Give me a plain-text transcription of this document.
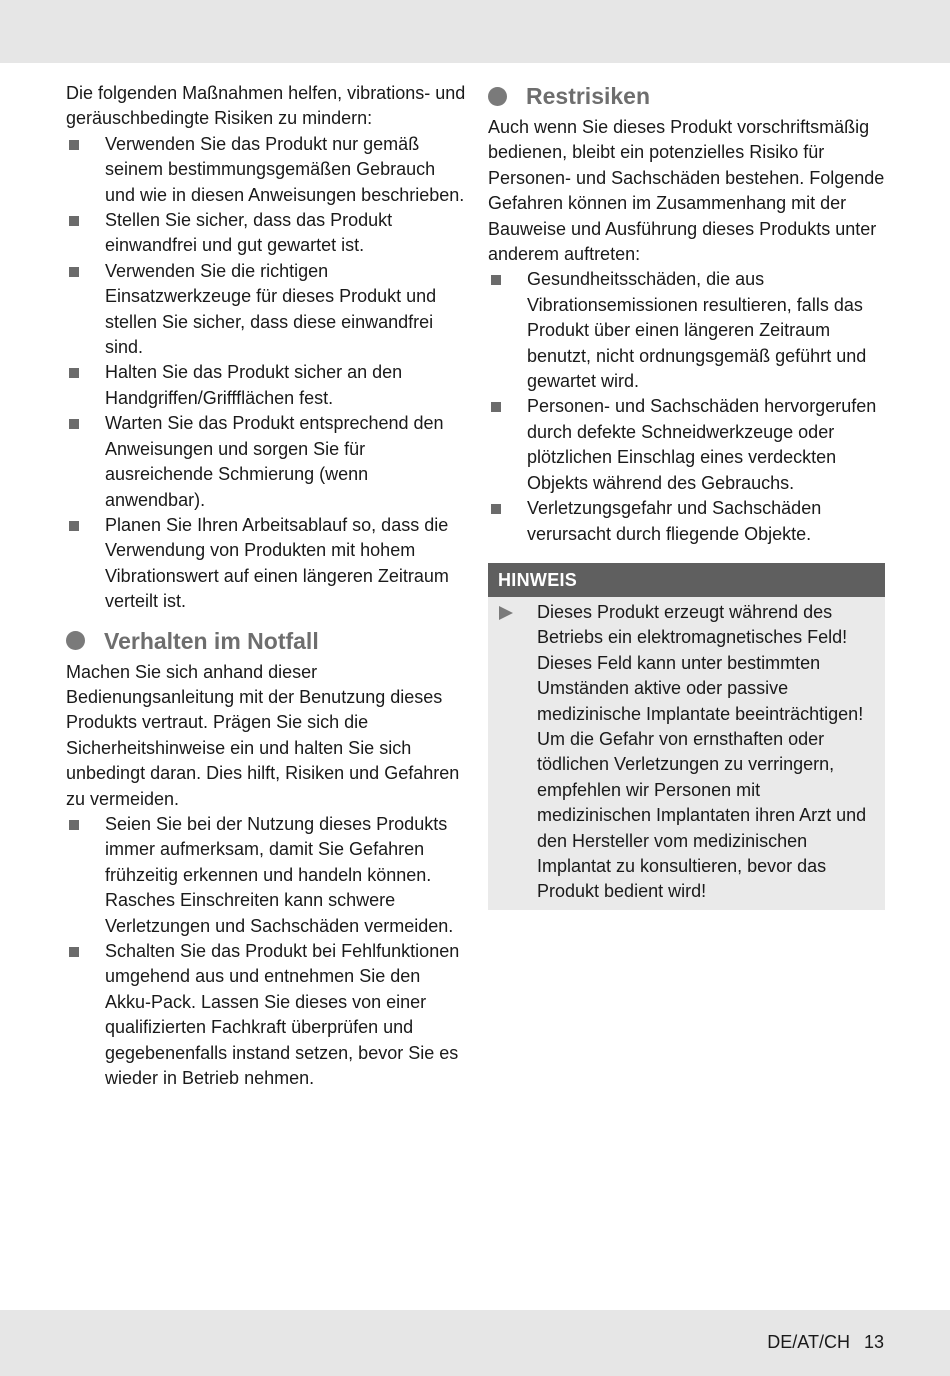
Die folgenden Maßnahmen helfen, vibrations- und geräuschbedingte Risiken zu mindern:

Verwenden Sie das Produkt nur gemäß seinem bestimmungsgemäßen Gebrauch und wie in diesen Anweisungen beschrieben.
Stellen Sie sicher, dass das Produkt einwandfrei und gut gewartet ist.
Verwenden Sie die richtigen Einsatzwerkzeuge für dieses Produkt und stellen Sie sicher, dass diese einwandfrei sind.
Halten Sie das Produkt sicher an den Handgriffen/Griffflächen fest.
Warten Sie das Produkt entsprechend den Anweisungen und sorgen Sie für ausreichende Schmierung (wenn anwendbar).
Planen Sie Ihren Arbeitsablauf so, dass die Verwendung von Produkten mit hohem Vibrationswert auf einen längeren Zeitraum verteilt ist.
Verhalten im Notfall

Machen Sie sich anhand dieser Bedienungsanleitung mit der Benutzung dieses Produkts vertraut. Prägen Sie sich die Sicherheitshinweise ein und halten Sie sich unbedingt daran. Dies hilft, Risiken und Gefahren zu vermeiden.

Seien Sie bei der Nutzung dieses Produkts immer aufmerksam, damit Sie Gefahren frühzeitig erkennen und handeln können. Rasches Einschreiten kann schwere Verletzungen und Sachschäden vermeiden.
Schalten Sie das Produkt bei Fehlfunktionen umgehend aus und entnehmen Sie den Akku-Pack. Lassen Sie dieses von einer qualifizierten Fachkraft überprüfen und gegebenenfalls instand setzen, bevor Sie es wieder in Betrieb nehmen.
Restrisiken

Auch wenn Sie dieses Produkt vorschriftsmäßig bedienen, bleibt ein potenzielles Risiko für Personen- und Sachschäden bestehen. Folgende Gefahren können im Zusammenhang mit der Bauweise und Ausführung dieses Produkts unter anderem auftreten:

Gesundheitsschäden, die aus Vibrationsemissionen resultieren, falls das Produkt über einen längeren Zeitraum benutzt, nicht ordnungsgemäß geführt und gewartet wird.
Personen- und Sachschäden hervorgerufen durch defekte Schneidwerkzeuge oder plötzlichen Einschlag eines verdeckten Objekts während des Gebrauchs.
Verletzungsgefahr und Sachschäden verursacht durch fliegende Objekte.
HINWEIS
Dieses Produkt erzeugt während des Betriebs ein elektromagnetisches Feld! Dieses Feld kann unter bestimmten Umständen aktive oder passive medizinische Implantate beeinträchtigen! Um die Gefahr von ernsthaften oder tödlichen Verletzungen zu verringern, empfehlen wir Personen mit medizinischen Implantaten ihren Arzt und den Hersteller vom medizinischen Implantat zu konsultieren, bevor das Produkt bedient wird!
DE/AT/CH 13
